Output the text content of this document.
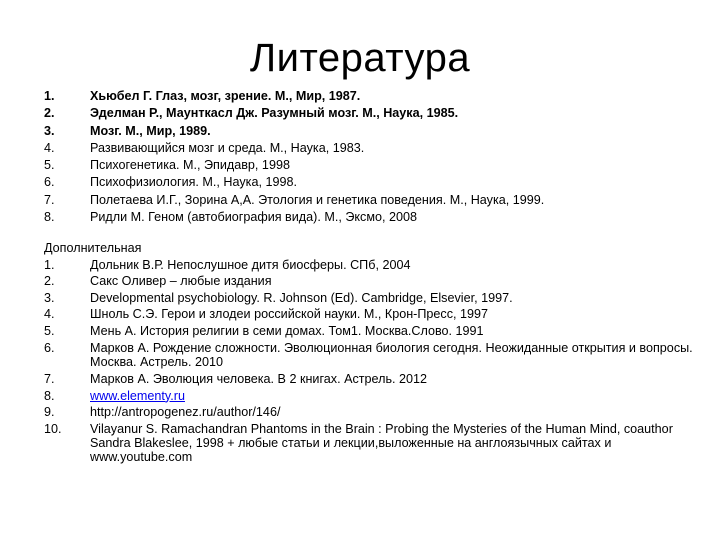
Литература
1.	Хьюбел Г. Глаз, мозг, зрение. М., Мир, 1987.
2.	Эделман Р., Маунткасл Дж. Разумный мозг. М., Наука, 1985.
3.	Мозг. М., Мир, 1989.
4.	Развивающийся мозг и среда. М., Наука, 1983.
5.	Психогенетика. М., Эпидавр, 1998
6.	Психофизиология. М., Наука, 1998.
7.	Полетаева И.Г., Зорина А,А. Этология и генетика поведения. М., Наука, 1999.
8.	Ридли М. Геном (автобиография вида). М., Эксмо, 2008
Дополнительная
1.	Дольник В.Р. Непослушное дитя биосферы. СПб, 2004
2.	Сакс Оливер – любые издания
3.	Developmental psychobiology. R. Johnson (Ed). Cambridge, Elsevier, 1997.
4.	Шноль С.Э. Герои и злодеи российской науки. М., Крон-Пресс, 1997
5.	Мень А. История религии в семи домах. Том1. Москва.Слово. 1991
6.	Марков А. Рождение сложности. Эволюционная биология сегодня. Неожиданные открытия и вопросы. Москва. Астрель. 2010
7.	Марков А. Эволюция человека. В 2 книгах. Астрель. 2012
8.	www.elementy.ru
9.	http://antropogenez.ru/author/146/
10.	Vilayanur S. Ramachandran Phantoms in the Brain : Probing the Mysteries of the Human Mind, coauthor Sandra Blakeslee, 1998 + любые статьи и лекции,выложенные на англоязычных сайтах и www.youtube.com
